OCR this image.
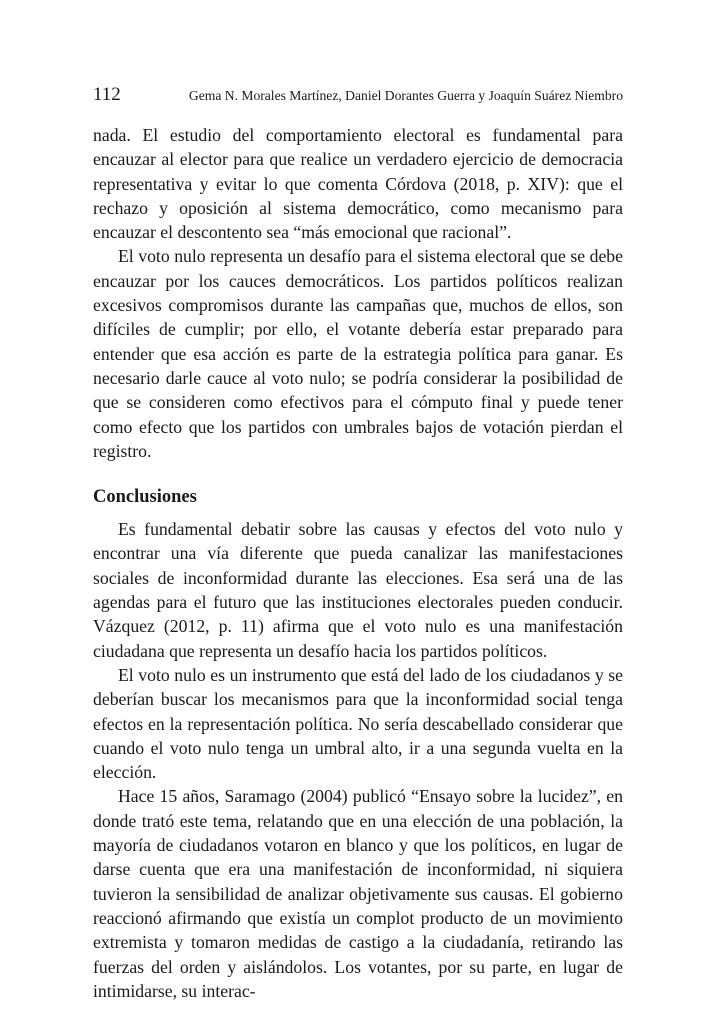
112	Gema N. Morales Martínez, Daniel Dorantes Guerra y Joaquín Suárez Niembro

nada. El estudio del comportamiento electoral es fundamental para encauzar al elector para que realice un verdadero ejercicio de democracia representativa y evitar lo que comenta Córdova (2018, p. XIV): que el rechazo y oposición al sistema democrático, como mecanismo para encauzar el descontento sea “más emocional que racional”.

El voto nulo representa un desafío para el sistema electoral que se debe encauzar por los cauces democráticos. Los partidos políticos realizan excesivos compromisos durante las campañas que, muchos de ellos, son difíciles de cumplir; por ello, el votante debería estar preparado para entender que esa acción es parte de la estrategia política para ganar. Es necesario darle cauce al voto nulo; se podría considerar la posibilidad de que se consideren como efectivos para el cómputo final y puede tener como efecto que los partidos con umbrales bajos de votación pierdan el registro.

Conclusiones

Es fundamental debatir sobre las causas y efectos del voto nulo y encontrar una vía diferente que pueda canalizar las manifestaciones sociales de inconformidad durante las elecciones. Esa será una de las agendas para el futuro que las instituciones electorales pueden conducir. Vázquez (2012, p. 11) afirma que el voto nulo es una manifestación ciudadana que representa un desafío hacia los partidos políticos.

El voto nulo es un instrumento que está del lado de los ciudadanos y se deberían buscar los mecanismos para que la inconformidad social tenga efectos en la representación política. No sería descabellado considerar que cuando el voto nulo tenga un umbral alto, ir a una segunda vuelta en la elección.

Hace 15 años, Saramago (2004) publicó “Ensayo sobre la lucidez”, en donde trató este tema, relatando que en una elección de una población, la mayoría de ciudadanos votaron en blanco y que los políticos, en lugar de darse cuenta que era una manifestación de inconformidad, ni siquiera tuvieron la sensibilidad de analizar objetivamente sus causas. El gobierno reaccionó afirmando que existía un complot producto de un movimiento extremista y tomaron medidas de castigo a la ciudadanía, retirando las fuerzas del orden y aislándolos. Los votantes, por su parte, en lugar de intimidarse, su interac-
